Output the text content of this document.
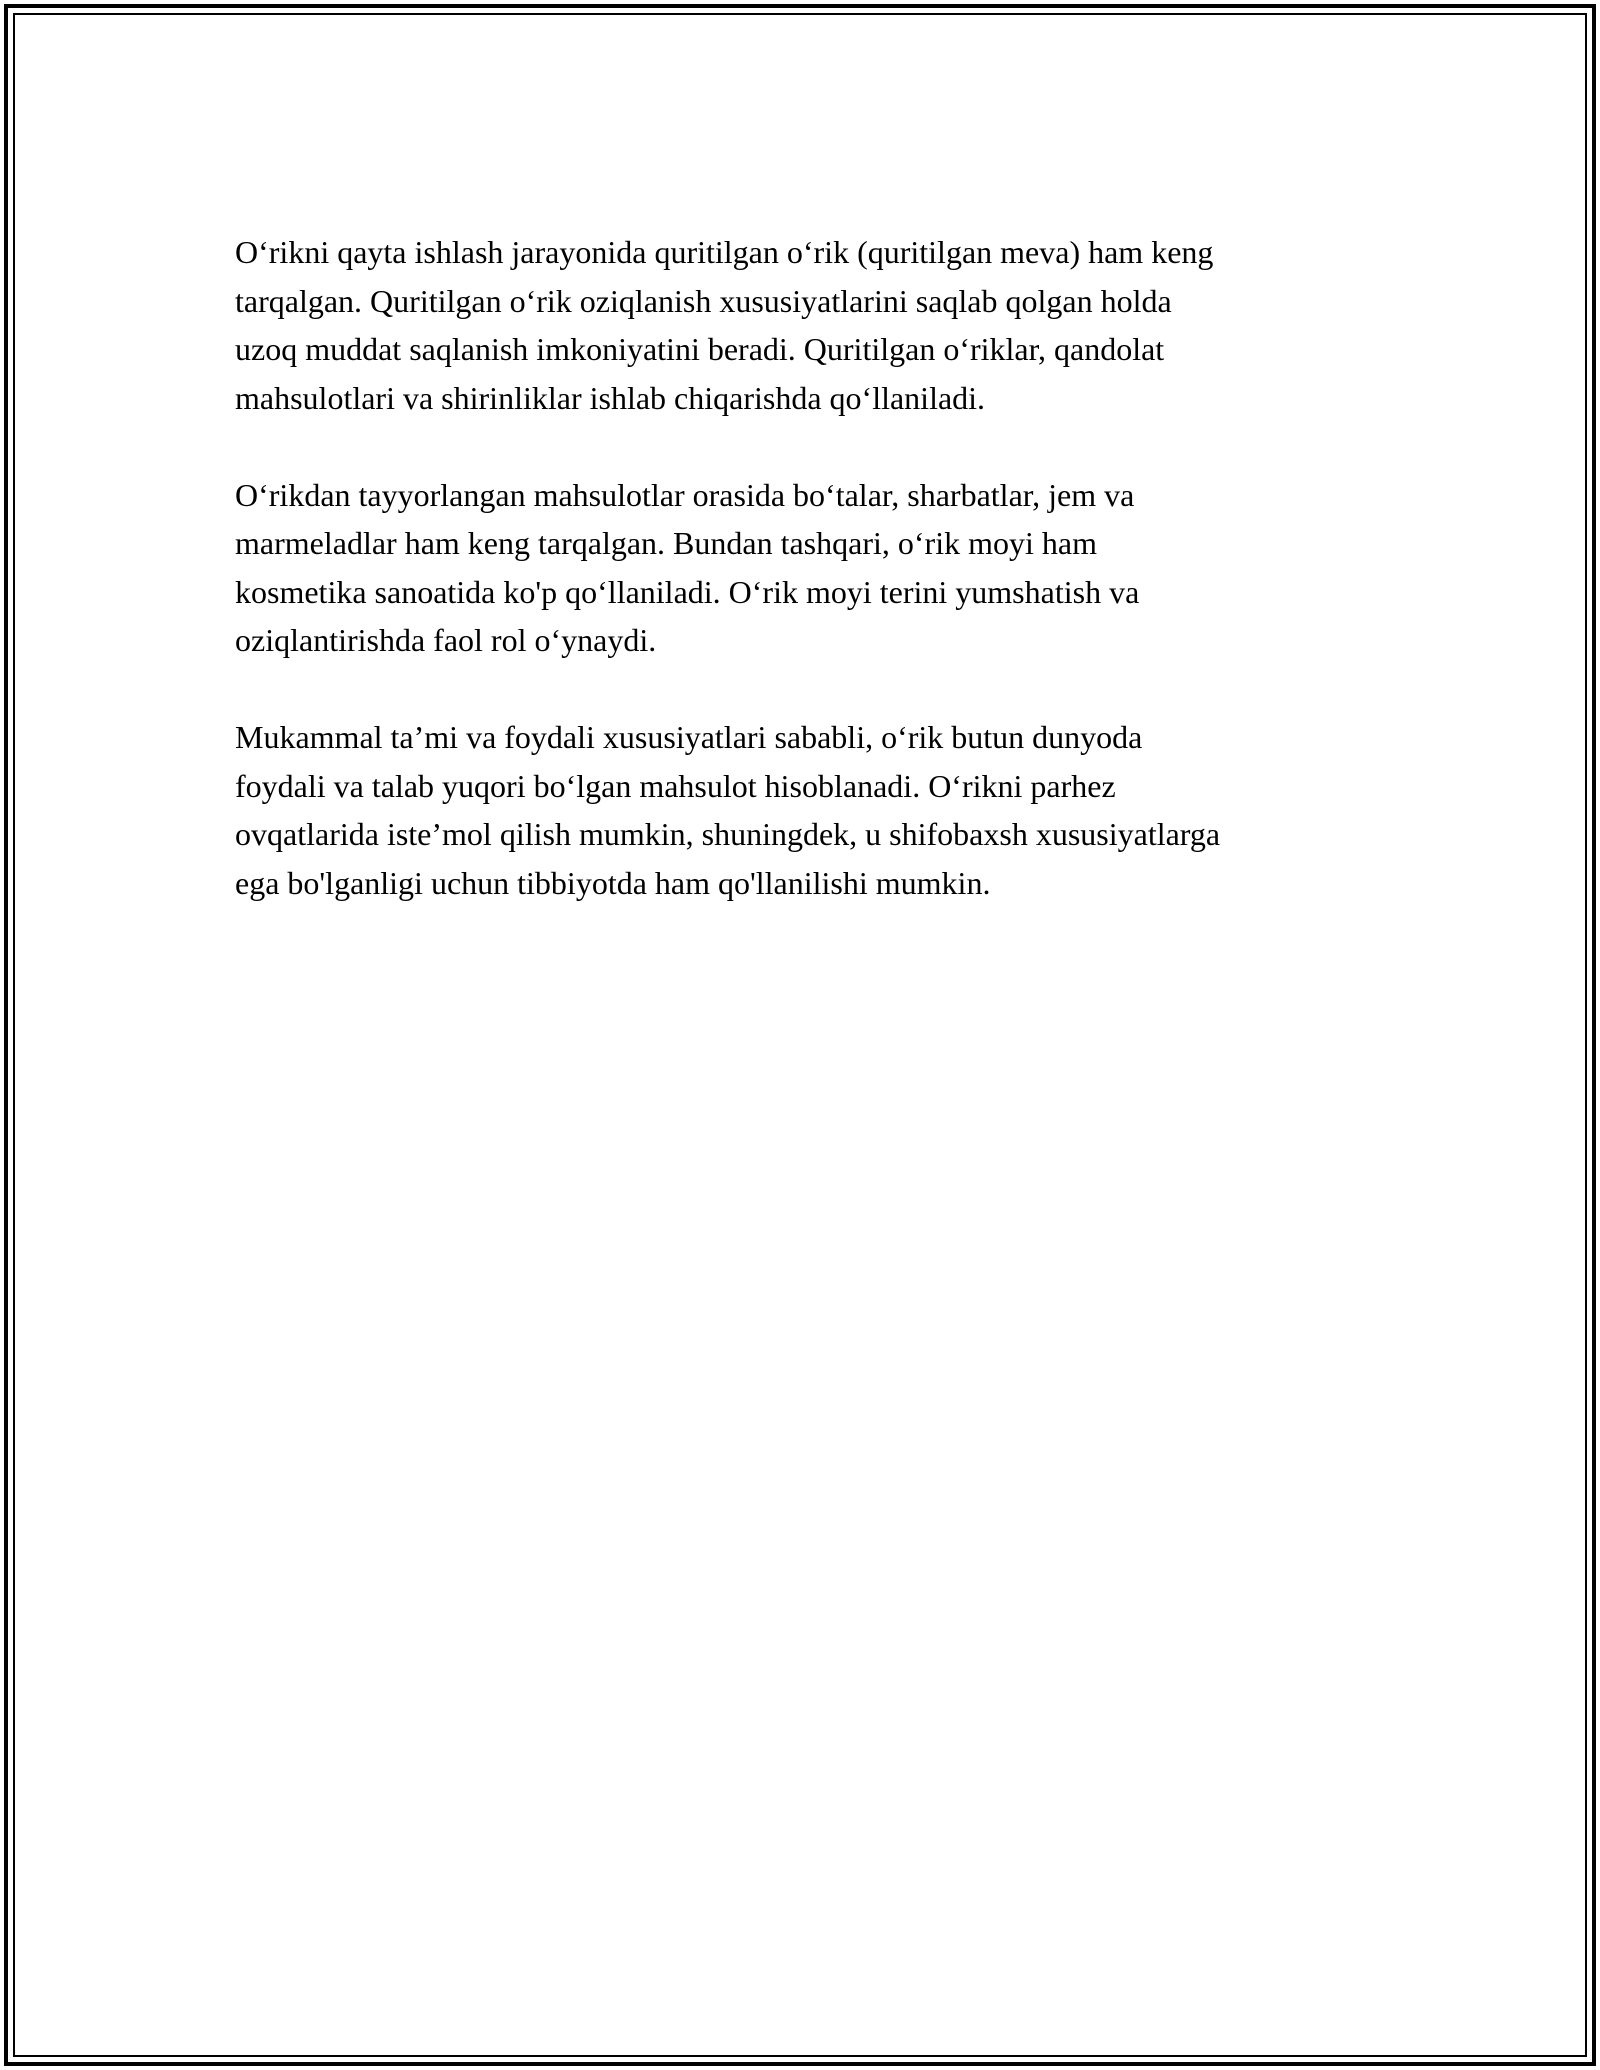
O‘rikni qayta ishlash jarayonida quritilgan o‘rik (quritilgan meva) ham keng
tarqalgan. Quritilgan o‘rik oziqlanish xususiyatlarini saqlab qolgan holda
uzoq muddat saqlanish imkoniyatini beradi. Quritilgan o‘riklar, qandolat
mahsulotlari va shirinliklar ishlab chiqarishda qo‘llaniladi.

O‘rikdan tayyorlangan mahsulotlar orasida bo‘talar, sharbatlar, jem va
marmeladlar ham keng tarqalgan. Bundan tashqari, o‘rik moyi ham
kosmetika sanoatida ko'p qo‘llaniladi. O‘rik moyi terini yumshatish va
oziqlantirishda faol rol o‘ynaydi.

Mukammal ta’mi va foydali xususiyatlari sababli, o‘rik butun dunyoda
foydali va talab yuqori bo‘lgan mahsulot hisoblanadi. O‘rikni parhez
ovqatlarida iste’mol qilish mumkin, shuningdek, u shifobaxsh xususiyatlarga
ega bo'lganligi uchun tibbiyotda ham qo'llanilishi mumkin.
